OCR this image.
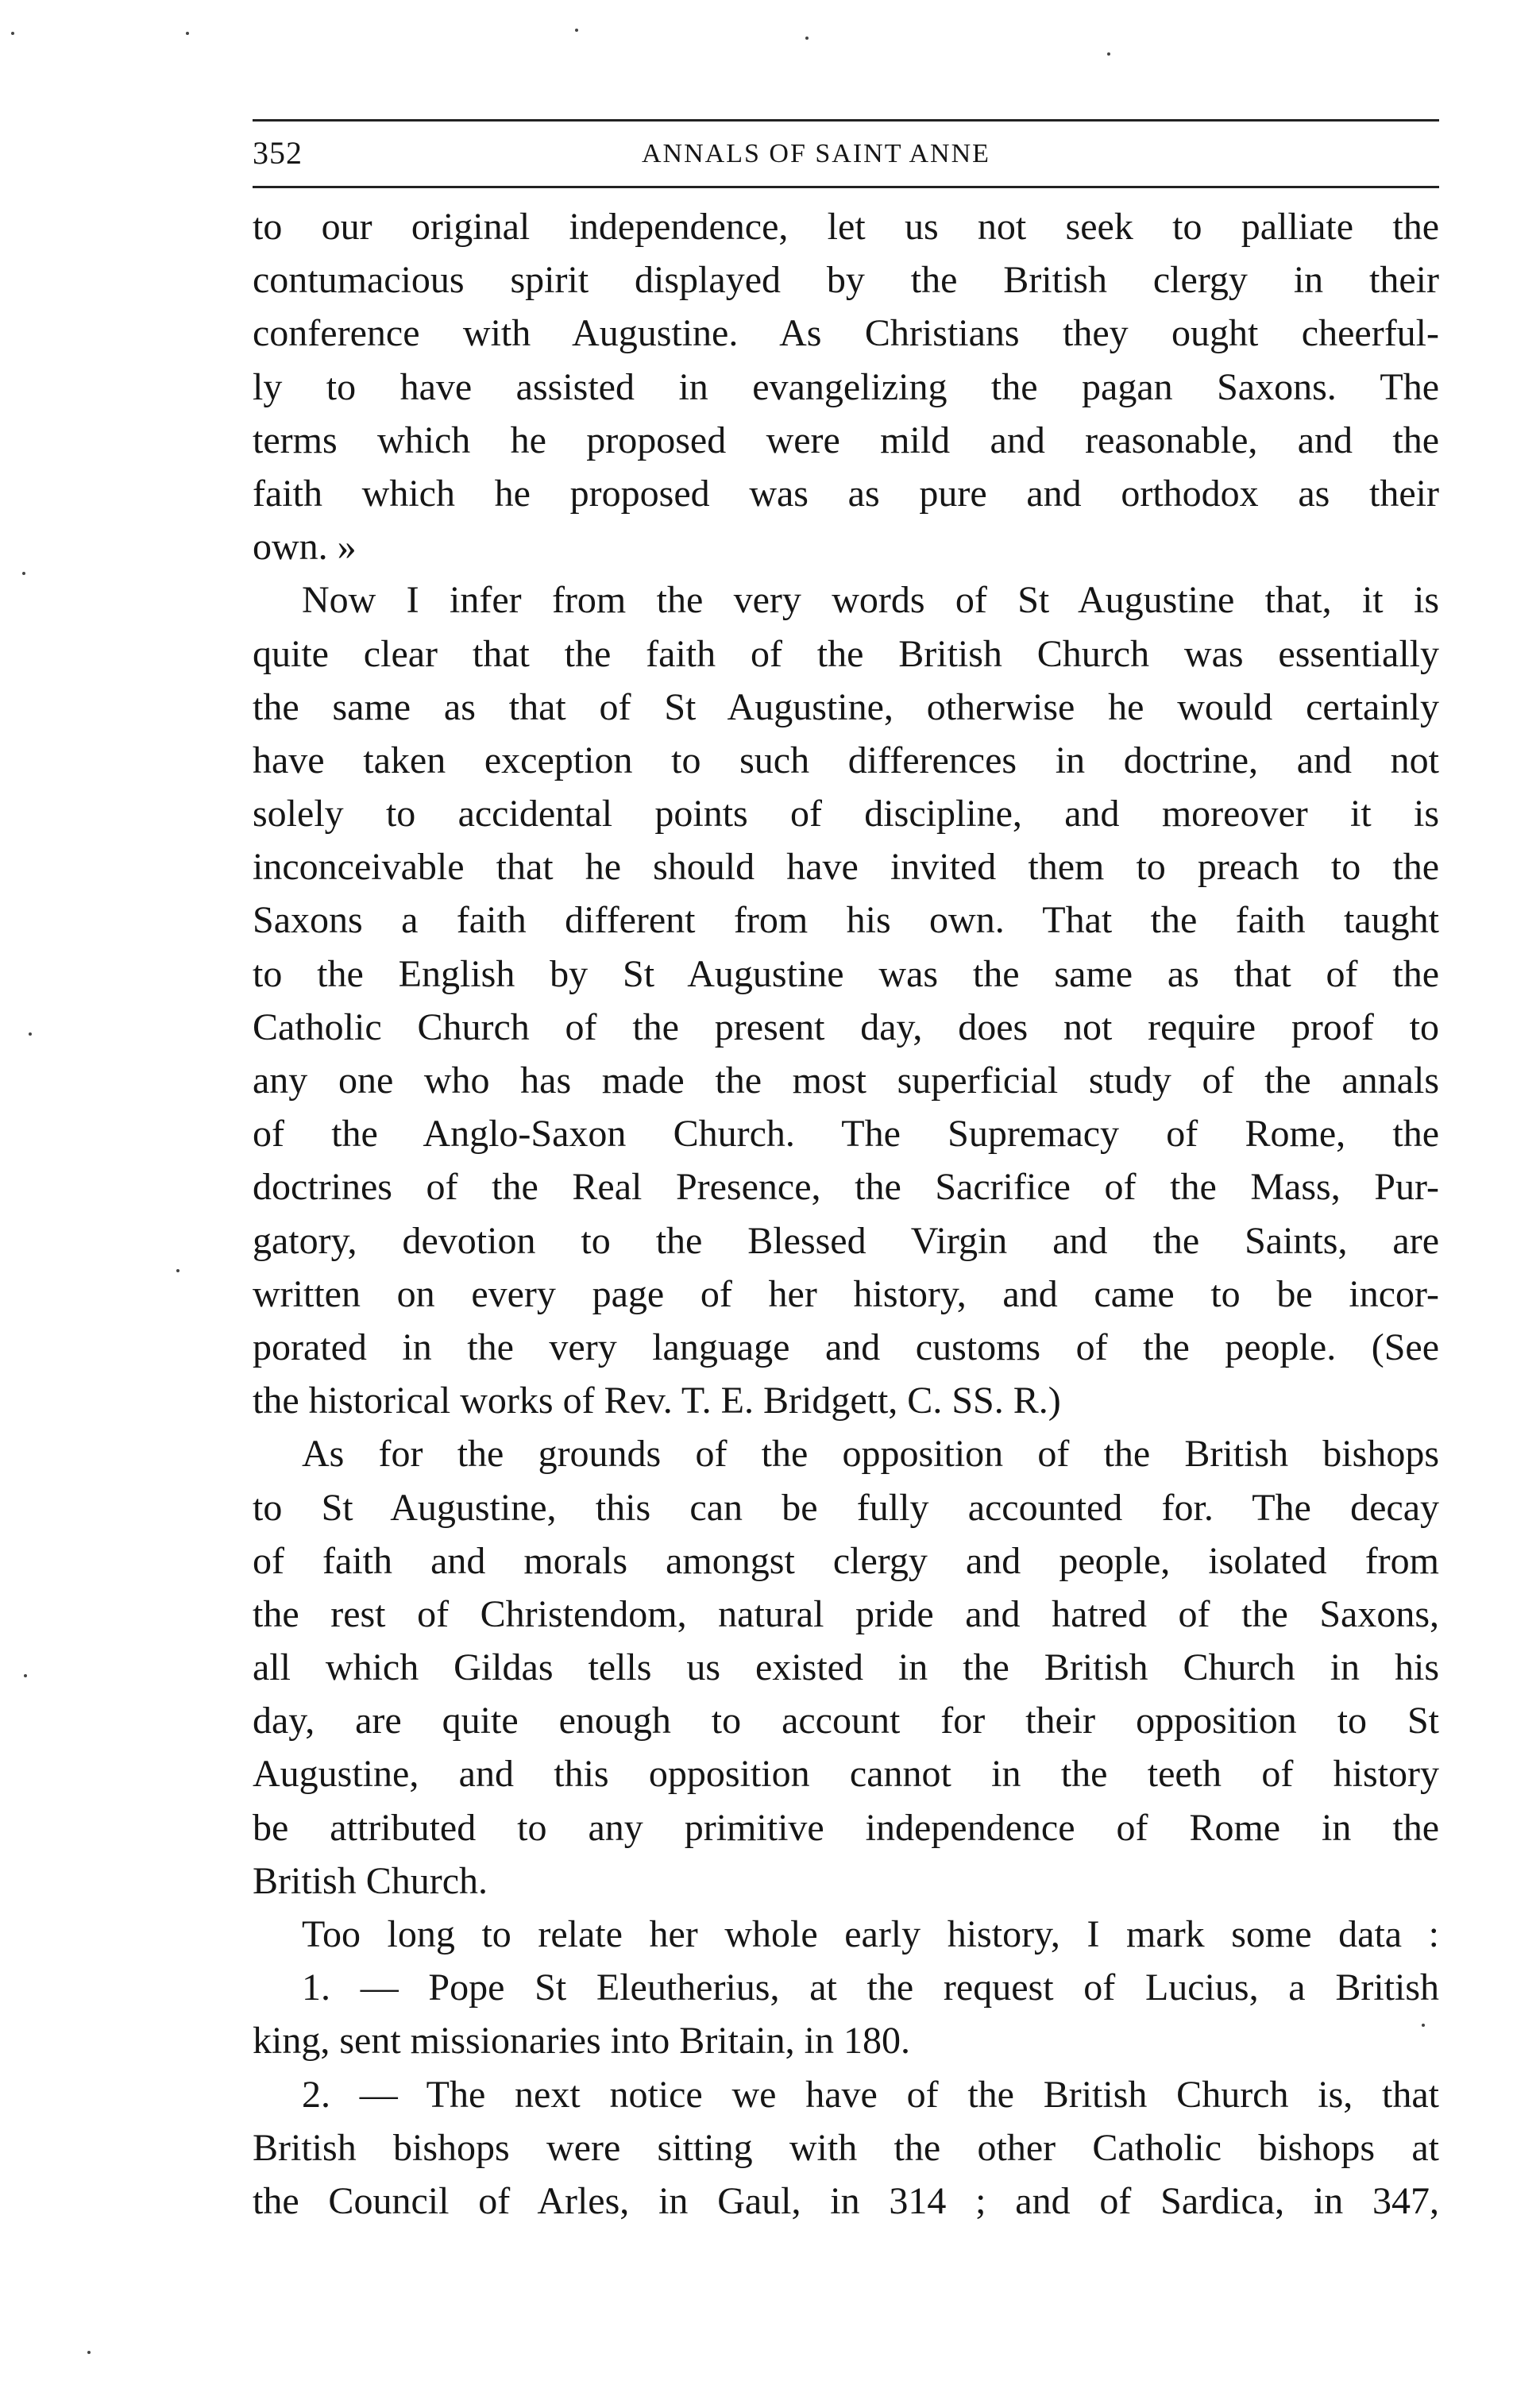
352	ANNALS OF SAINT ANNE
to our original independence, let us not seek to palliate the
contumacious spirit displayed by the British clergy in their
conference with Augustine. As Christians they ought cheerful-
ly to have assisted in evangelizing the pagan Saxons. The
terms which he proposed were mild and reasonable, and the
faith which he proposed was as pure and orthodox as their
own. »
Now I infer from the very words of St Augustine that, it is
quite clear that the faith of the British Church was essentially
the same as that of St Augustine, otherwise he would certainly
have taken exception to such differences in doctrine, and not
solely to accidental points of discipline, and moreover it is
inconceivable that he should have invited them to preach to the
Saxons a faith different from his own. That the faith taught
to the English by St Augustine was the same as that of the
Catholic Church of the present day, does not require proof to
any one who has made the most superficial study of the annals
of the Anglo-Saxon Church. The Supremacy of Rome, the
doctrines of the Real Presence, the Sacrifice of the Mass, Pur-
gatory, devotion to the Blessed Virgin and the Saints, are
written on every page of her history, and came to be incor-
porated in the very language and customs of the people. (See
the historical works of Rev. T. E. Bridgett, C. SS. R.)
As for the grounds of the opposition of the British bishops
to St Augustine, this can be fully accounted for. The decay
of faith and morals amongst clergy and people, isolated from
the rest of Christendom, natural pride and hatred of the Saxons,
all which Gildas tells us existed in the British Church in his
day, are quite enough to account for their opposition to St
Augustine, and this opposition cannot in the teeth of history
be attributed to any primitive independence of Rome in the
British Church.
Too long to relate her whole early history, I mark some data :
1. — Pope St Eleutherius, at the request of Lucius, a British
king, sent missionaries into Britain, in 180.
2. — The next notice we have of the British Church is, that
British bishops were sitting with the other Catholic bishops at
the Council of Arles, in Gaul, in 314 ; and of Sardica, in 347,
